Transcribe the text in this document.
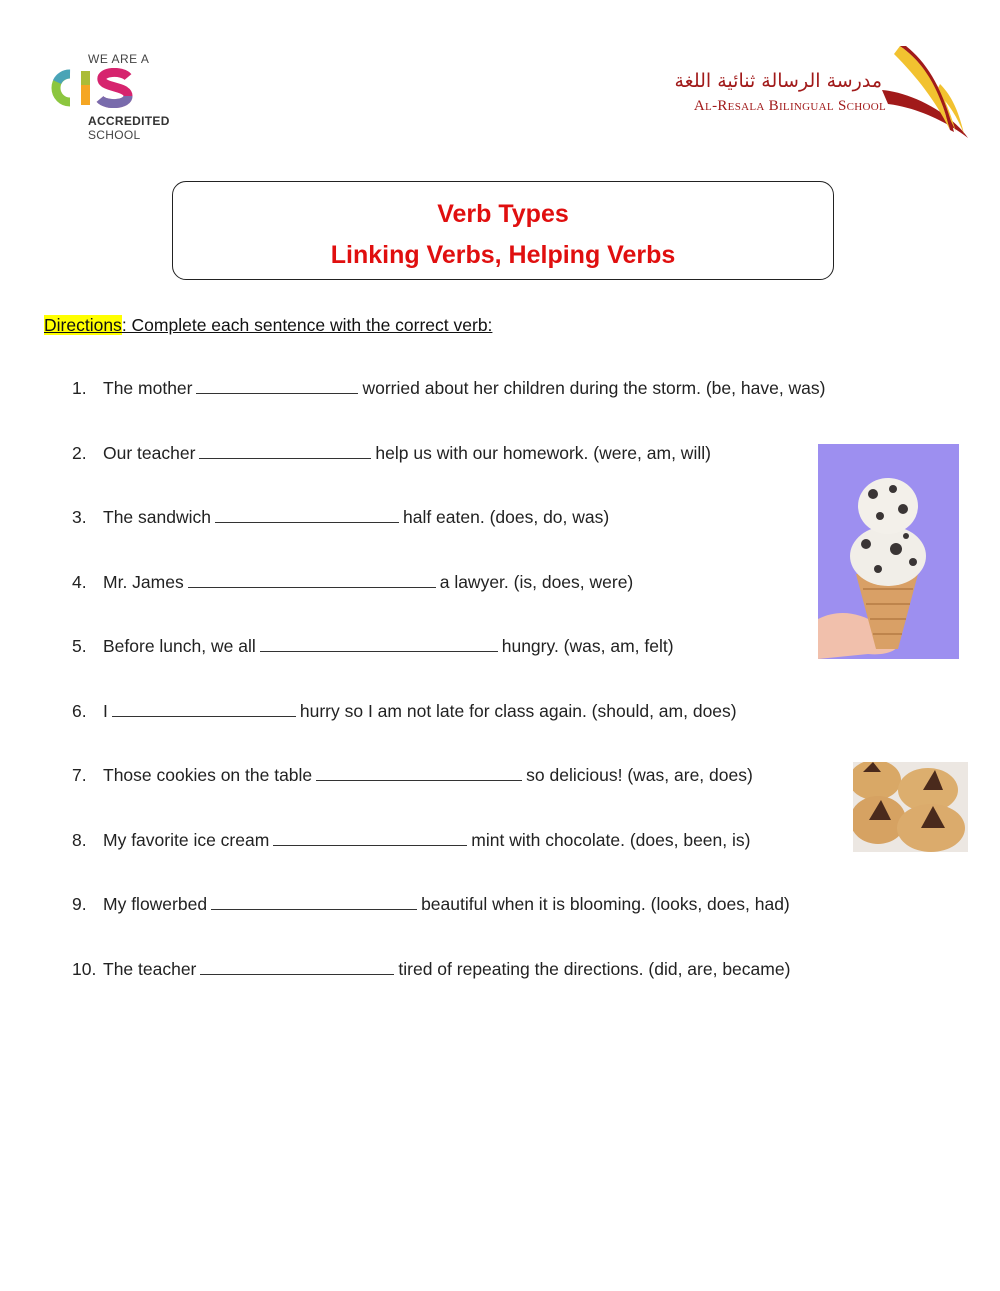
WE ARE A
ACCREDITED
SCHOOL
مدرسة الرسالة ثنائية اللغة
Al-Resala Bilingual School
Verb Types
Linking Verbs, Helping Verbs
Directions: Complete each sentence with the correct verb:
1. The mother	worried about her children during the storm. (be, have, was)
2. Our teacher	help us with our homework. (were, am, will)
3. The sandwich	half eaten. (does, do, was)
4. Mr. James	a lawyer. (is, does, were)
5. Before lunch, we all	hungry. (was, am, felt)
6. I	hurry so I am not late for class again. (should, am, does)
7. Those cookies on the table	so delicious! (was, are, does)
8. My favorite ice cream	mint with chocolate. (does, been, is)
9. My flowerbed	beautiful when it is blooming. (looks, does, had)
10. The teacher	tired of repeating the directions. (did, are, became)
